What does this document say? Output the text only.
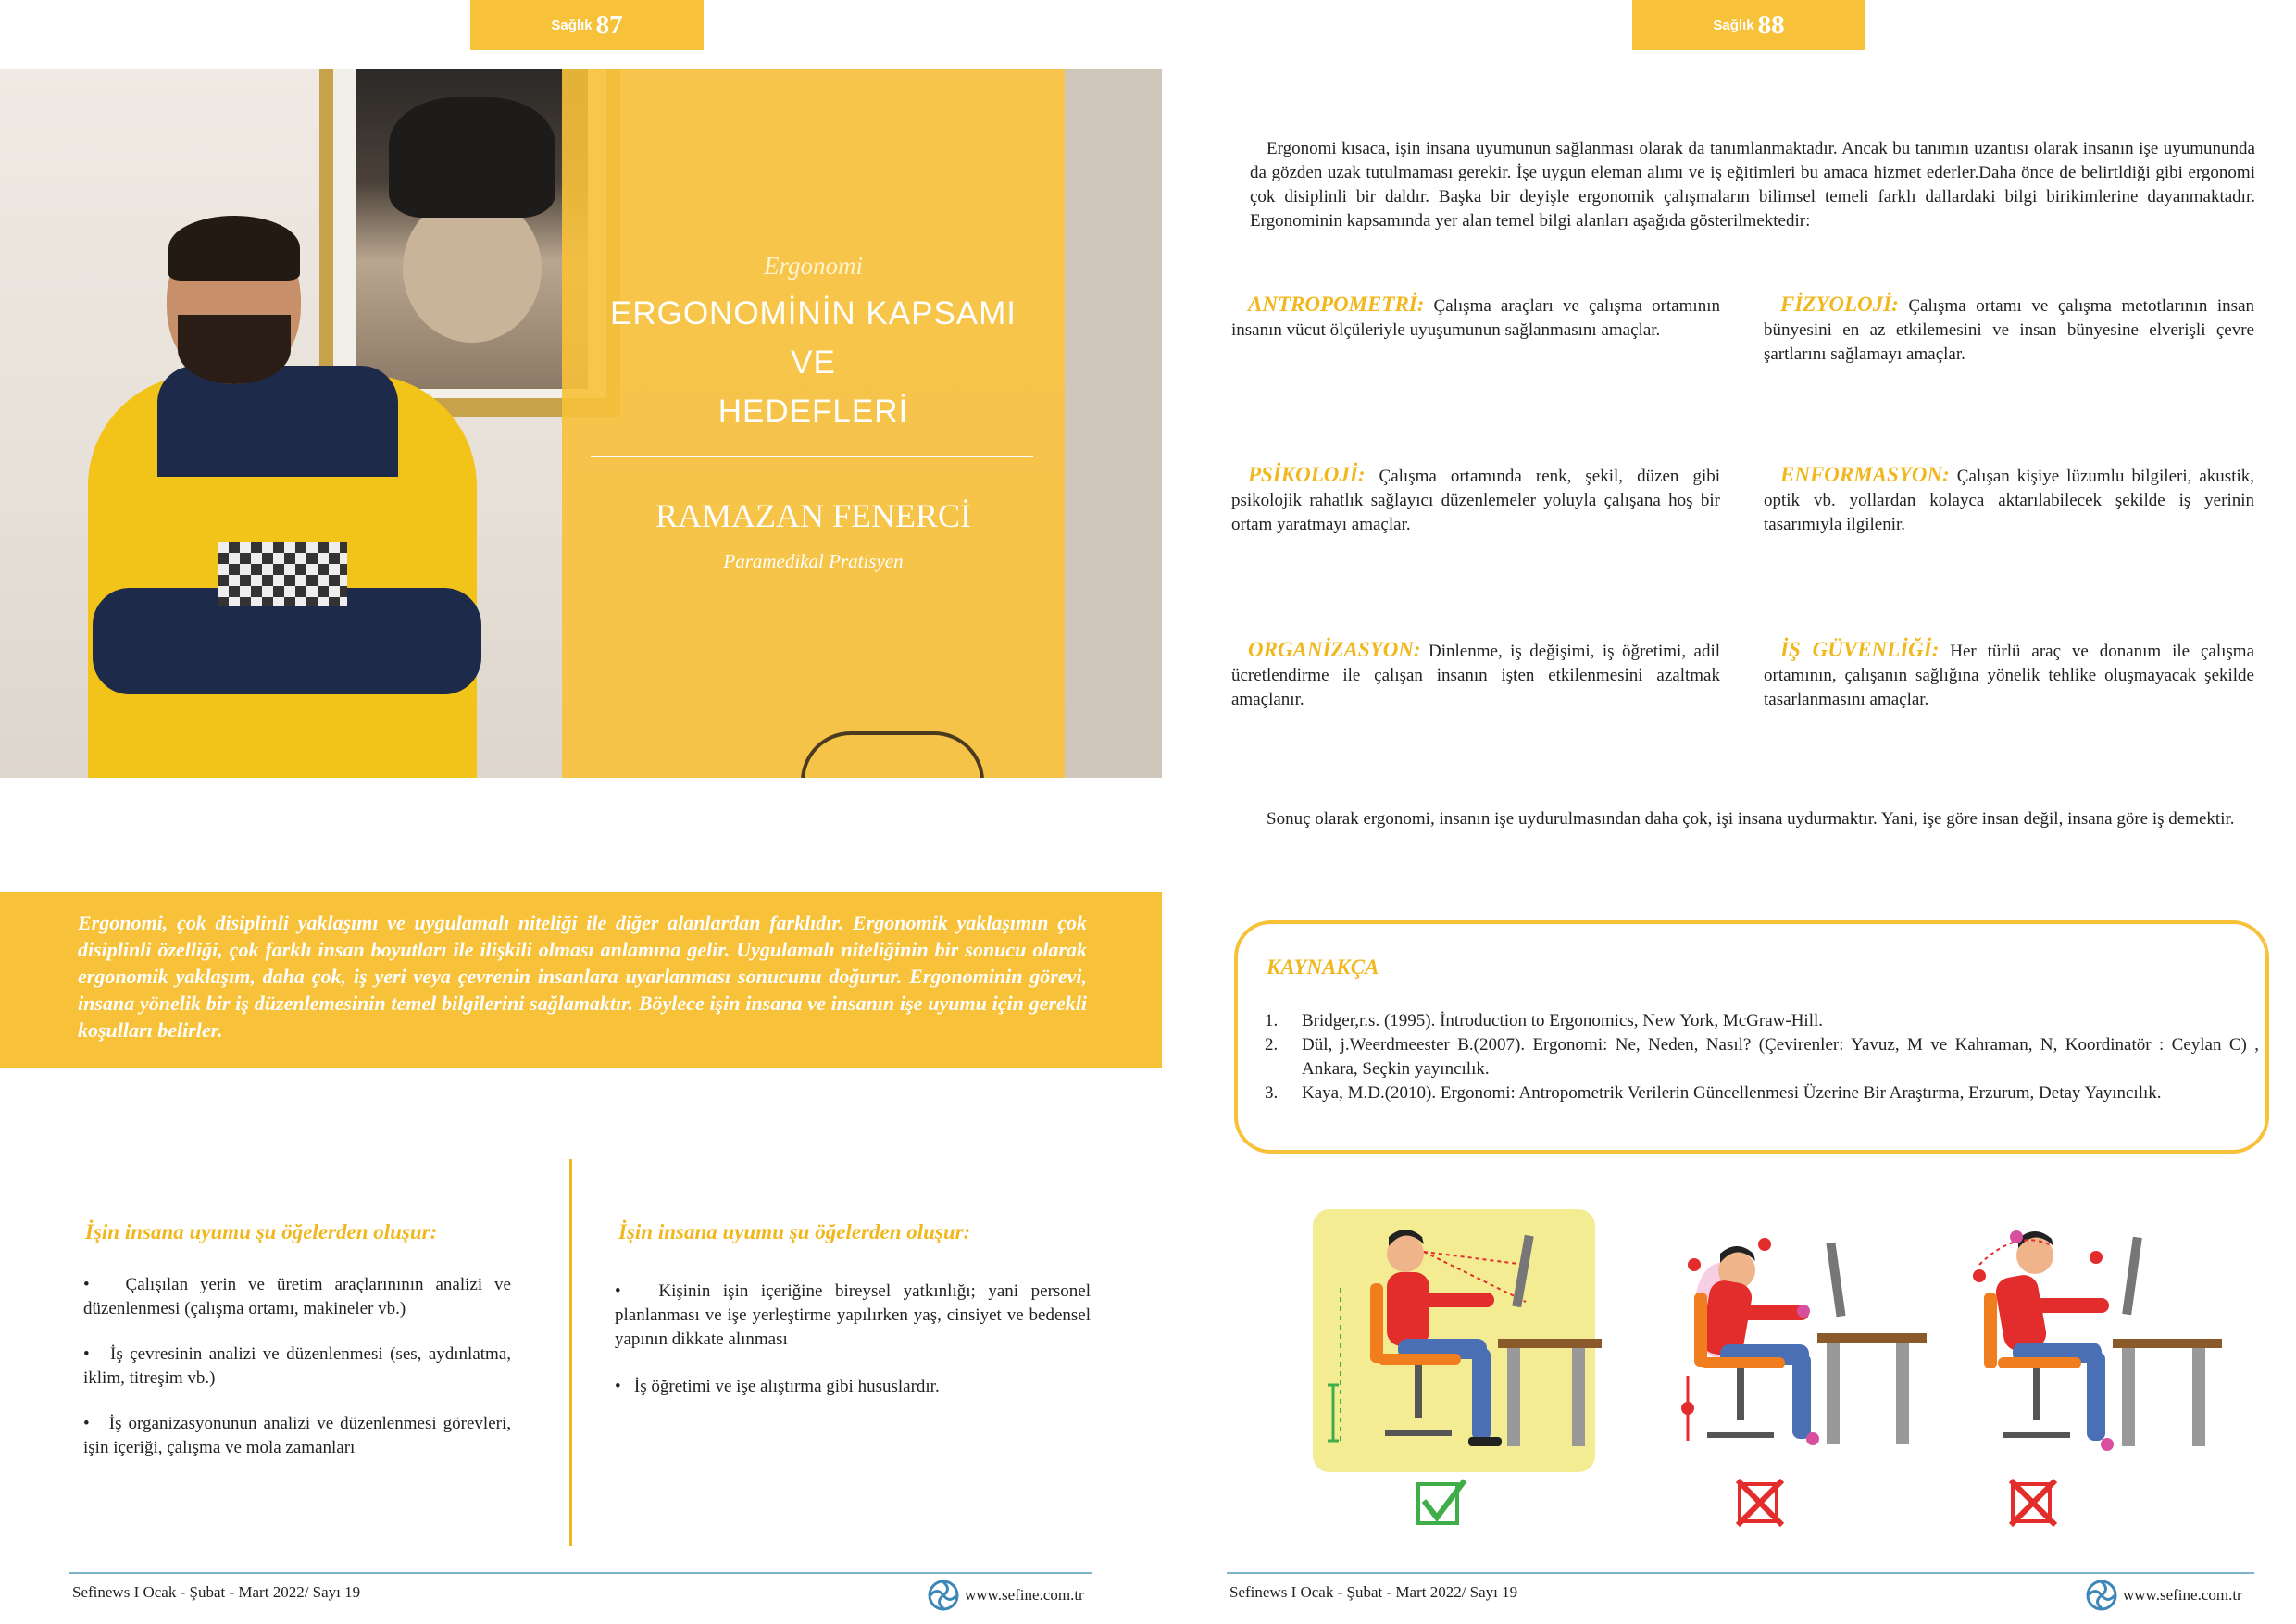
Sağlık 87
Ergonomi
ERGONOMİNİN KAPSAMI
VE
HEDEFLERİ
RAMAZAN FENERCİ
Paramedikal Pratisyen
Ergonomi, çok disiplinli yaklaşımı ve uygulamalı niteliği ile diğer alanlardan farklıdır. Ergonomik yaklaşımın çok disiplinli özelliği, çok farklı insan boyutları ile ilişkili olması anlamına gelir. Uygulamalı niteliğinin bir sonucu olarak ergonomik yaklaşım, daha çok, iş yeri veya çevrenin insanlara uyarlanması sonucunu doğurur. Ergonominin görevi, insana yönelik bir iş düzenlemesinin temel bilgilerini sağlamaktır. Böylece işin insana ve insanın işe uyumu için gerekli koşulları belirler.
İşin insana uyumu şu öğelerden oluşur:
•   Çalışılan yerin ve üretim araçlarınının analizi ve düzenlenmesi (çalışma ortamı, makineler vb.)
•   İş çevresinin analizi ve düzenlenmesi (ses, aydınlatma, iklim, titreşim vb.)
•   İş organizasyonunun analizi ve düzenlenmesi görevleri, işin içeriği, çalışma ve mola zamanları
İşin insana uyumu şu öğelerden oluşur:
•   Kişinin işin içeriğine bireysel yatkınlığı; yani personel planlanması ve işe yerleştirme yapılırken yaş, cinsiyet ve bedensel yapının dikkate alınması
•   İş öğretimi ve işe alıştırma gibi hususlardır.
Sefinews I Ocak - Şubat - Mart 2022/ Sayı 19	www.sefine.com.tr
Sağlık 88
Ergonomi kısaca, işin insana uyumunun sağlanması olarak da tanımlanmaktadır. Ancak bu tanımın uzantısı olarak insanın işe uyumununda da gözden uzak tutulmaması gerekir. İşe uygun eleman alımı ve iş eğitimleri bu amaca hizmet ederler.Daha önce de belirtldiği gibi ergonomi çok disiplinli bir daldır. Başka bir deyişle ergonomik çalışmaların bilimsel temeli farklı dallardaki bilgi birikimlerine dayanmaktadır. Ergonominin kapsamında yer alan temel bilgi alanları aşağıda gösterilmektedir:
ANTROPOMETRİ: Çalışma araçları ve çalışma ortamının insanın vücut ölçüleriyle uyuşumunun sağlanmasını amaçlar.
FİZYOLOJİ: Çalışma ortamı ve çalışma metotlarının insan bünyesini en az etkilemesini ve insan bünyesine elverişli çevre şartlarını sağlamayı amaçlar.
PSİKOLOJİ: Çalışma ortamında renk, şekil, düzen gibi psikolojik rahatlık sağlayıcı düzenlemeler yoluyla çalışana hoş bir ortam yaratmayı amaçlar.
ENFORMASYON: Çalışan kişiye lüzumlu bilgileri, akustik, optik vb. yollardan kolayca aktarılabilecek şekilde iş yerinin tasarımıyla ilgilenir.
ORGANİZASYON: Dinlenme, iş değişimi, iş öğretimi, adil ücretlendirme ile çalışan insanın işten etkilenmesini azaltmak amaçlanır.
İŞ GÜVENLİĞİ: Her türlü araç ve donanım ile çalışma ortamının, çalışanın sağlığına yönelik tehlike oluşmayacak şekilde tasarlanmasını amaçlar.
Sonuç olarak ergonomi, insanın işe uydurulmasından daha çok, işi insana uydurmaktır. Yani, işe göre insan değil, insana göre iş demektir.
KAYNAKÇA
1.	Bridger,r.s. (1995). İntroduction to Ergonomics, New York, McGraw-Hill.
2.	Dül, j.Weerdmeester B.(2007). Ergonomi: Ne, Neden, Nasıl? (Çevirenler: Yavuz, M ve Kahraman, N, Koordinatör : Ceylan C) , Ankara, Seçkin yayıncılık.
3.	Kaya, M.D.(2010). Ergonomi: Antropometrik Verilerin Güncellenmesi Üzerine Bir Araştırma, Erzurum, Detay Yayıncılık.
Sefinews I Ocak - Şubat - Mart 2022/ Sayı 19	www.sefine.com.tr
